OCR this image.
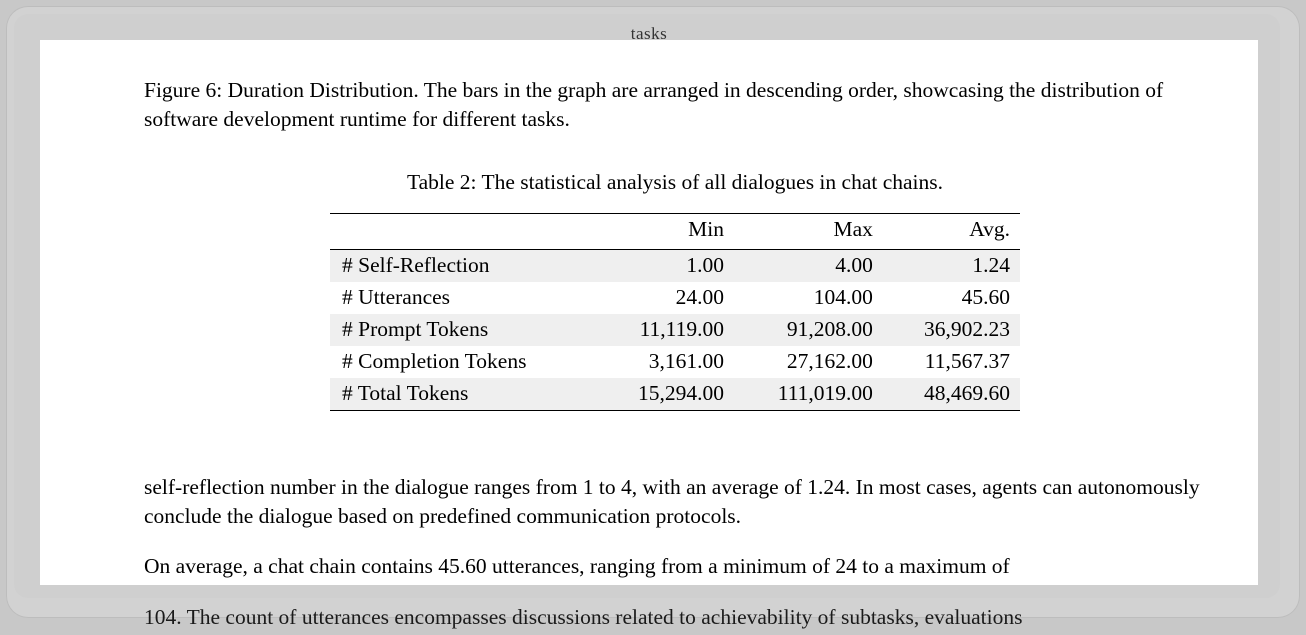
tasks

Figure 6: Duration Distribution. The bars in the graph are arranged in descending order, showcasing the distribution of software development runtime for different tasks.

Table 2: The statistical analysis of all dialogues in chat chains.
	Min	Max	Avg.
# Self-Reflection	1.00	4.00	1.24
# Utterances	24.00	104.00	45.60
# Prompt Tokens	11,119.00	91,208.00	36,902.23
# Completion Tokens	3,161.00	27,162.00	11,567.37
# Total Tokens	15,294.00	111,019.00	48,469.60

self-reflection number in the dialogue ranges from 1 to 4, with an average of 1.24. In most cases, agents can autonomously conclude the dialogue based on predefined communication protocols.

On average, a chat chain contains 45.60 utterances, ranging from a minimum of 24 to a maximum of

104. The count of utterances encompasses discussions related to achievability of subtasks, evaluations
